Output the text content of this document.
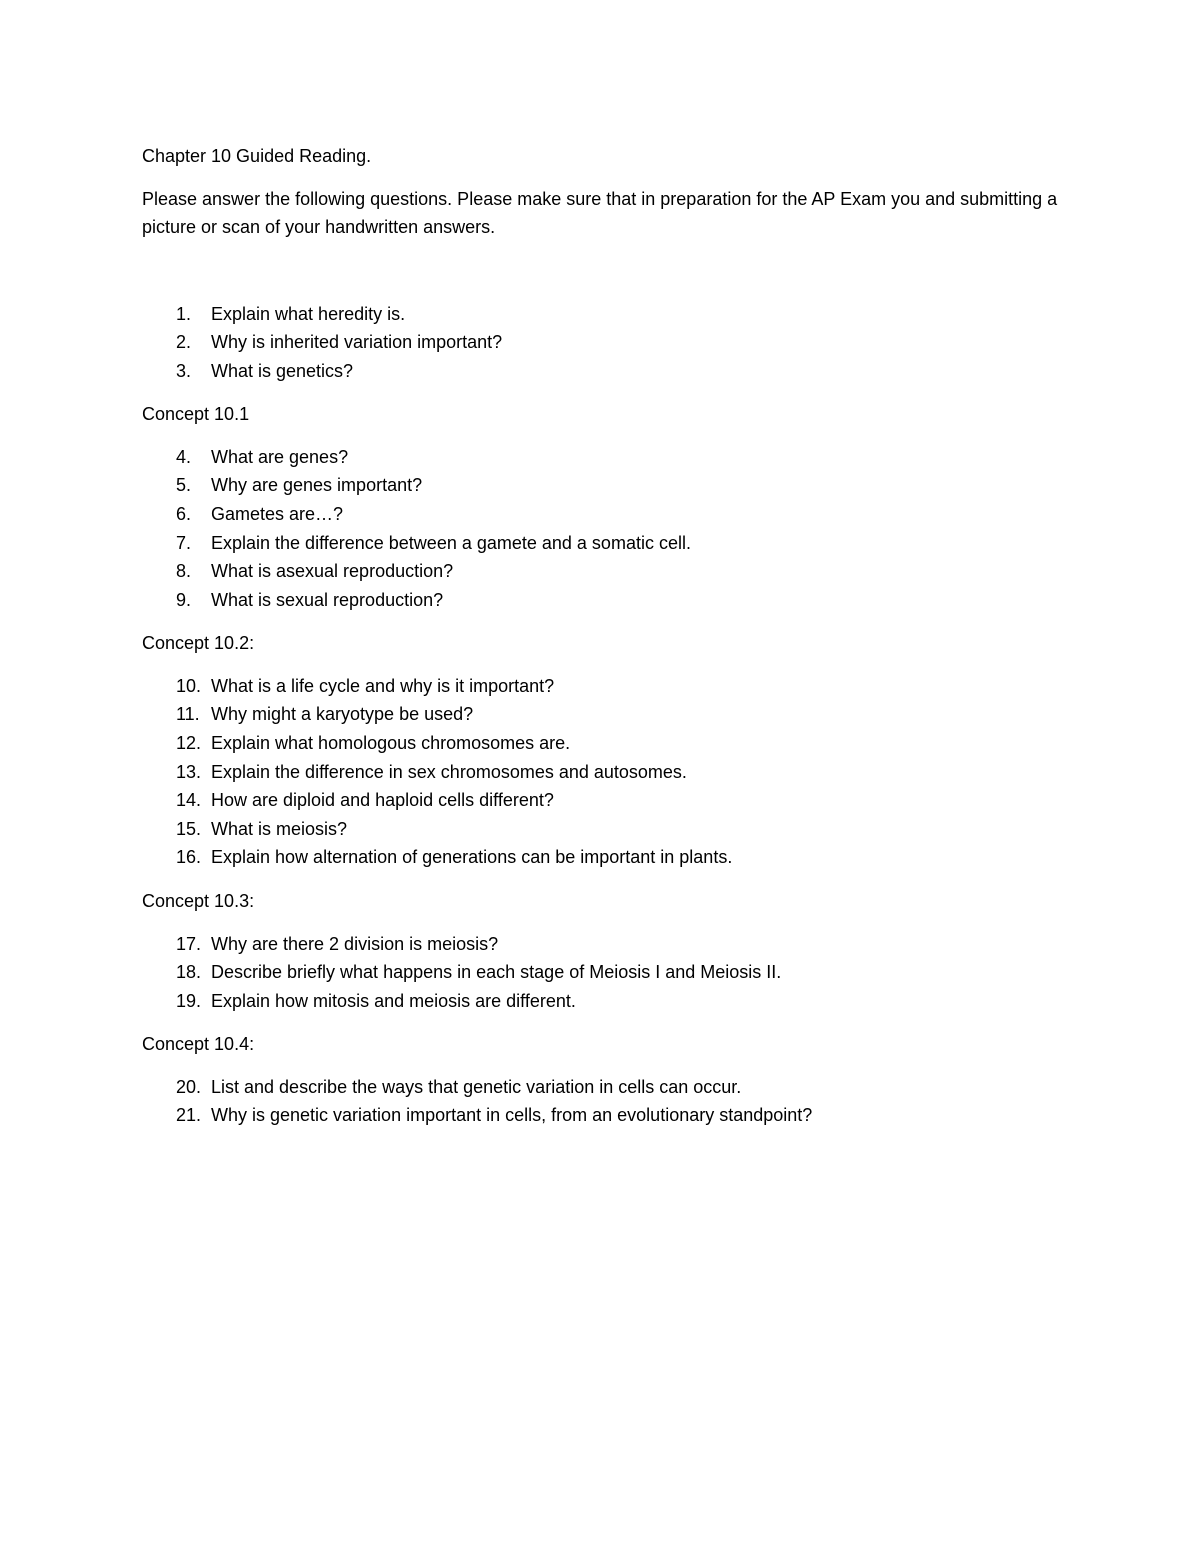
Chapter 10 Guided Reading.

Please answer the following questions. Please make sure that in preparation for the AP Exam you and submitting a picture or scan of your handwritten answers.

1.	Explain what heredity is.
2.	Why is inherited variation important?
3.	What is genetics?

Concept 10.1

4.	What are genes?
5.	Why are genes important?
6.	Gametes are…?
7.	Explain the difference between a gamete and a somatic cell.
8.	What is asexual reproduction?
9.	What is sexual reproduction?

Concept 10.2:

10. What is a life cycle and why is it important?
11. Why might a karyotype be used?
12. Explain what homologous chromosomes are.
13. Explain the difference in sex chromosomes and autosomes.
14. How are diploid and haploid cells different?
15. What is meiosis?
16. Explain how alternation of generations can be important in plants.

Concept 10.3:

17. Why are there 2 division is meiosis?
18. Describe briefly what happens in each stage of Meiosis I and Meiosis II.
19. Explain how mitosis and meiosis are different.

Concept 10.4:

20. List and describe the ways that genetic variation in cells can occur.
21. Why is genetic variation important in cells, from an evolutionary standpoint?
